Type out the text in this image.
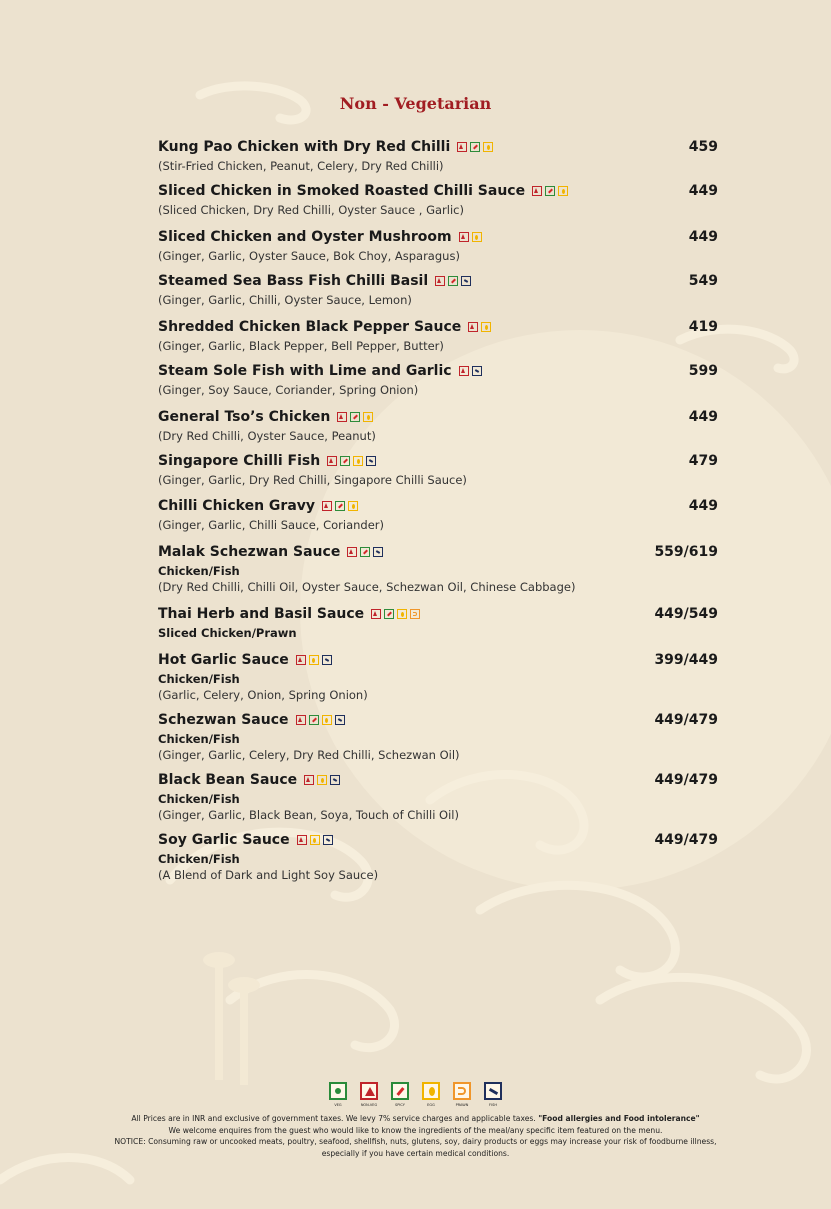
Non - Vegetarian
Kung Pao Chicken with Dry Red Chilli	459
(Stir-Fried Chicken, Peanut, Celery, Dry Red Chilli)
Sliced Chicken in Smoked Roasted Chilli Sauce	449
(Sliced Chicken, Dry Red Chilli, Oyster Sauce , Garlic)
Sliced Chicken and Oyster Mushroom	449
(Ginger, Garlic, Oyster Sauce, Bok Choy, Asparagus)
Steamed Sea Bass Fish Chilli Basil	549
(Ginger, Garlic, Chilli, Oyster Sauce, Lemon)
Shredded Chicken Black Pepper Sauce	419
(Ginger, Garlic, Black Pepper, Bell Pepper, Butter)
Steam Sole Fish with Lime and Garlic	599
(Ginger, Soy Sauce, Coriander, Spring Onion)
General Tso’s Chicken	449
(Dry Red Chilli, Oyster Sauce, Peanut)
Singapore Chilli Fish	479
(Ginger, Garlic, Dry Red Chilli, Singapore Chilli Sauce)
Chilli Chicken Gravy	449
(Ginger, Garlic, Chilli Sauce, Coriander)
Malak Schezwan Sauce	559/619
Chicken/Fish
(Dry Red Chilli, Chilli Oil, Oyster Sauce, Schezwan Oil, Chinese Cabbage)
Thai Herb and Basil Sauce	449/549
Sliced Chicken/Prawn
Hot Garlic Sauce	399/449
Chicken/Fish
(Garlic, Celery, Onion, Spring Onion)
Schezwan Sauce	449/479
Chicken/Fish
(Ginger, Garlic, Celery, Dry Red Chilli, Schezwan Oil)
Black Bean Sauce	449/479
Chicken/Fish
(Ginger, Garlic, Black Bean, Soya, Touch of Chilli Oil)
Soy Garlic Sauce	449/479
Chicken/Fish
(A Blend of Dark and Light Soy Sauce)
VEG	NON-VEG	SPICY	EGG	PRAWN	FISH
All Prices are in INR and exclusive of government taxes. We levy 7% service charges and applicable taxes. "Food allergies and Food intolerance"
We welcome enquires from the guest who would like to know the ingredients of the meal/any specific item featured on the menu.
NOTICE: Consuming raw or uncooked meats, poultry, seafood, shellfish, nuts, glutens, soy, dairy products or eggs may increase your risk of foodburne illness,
especially if you have certain medical conditions.
